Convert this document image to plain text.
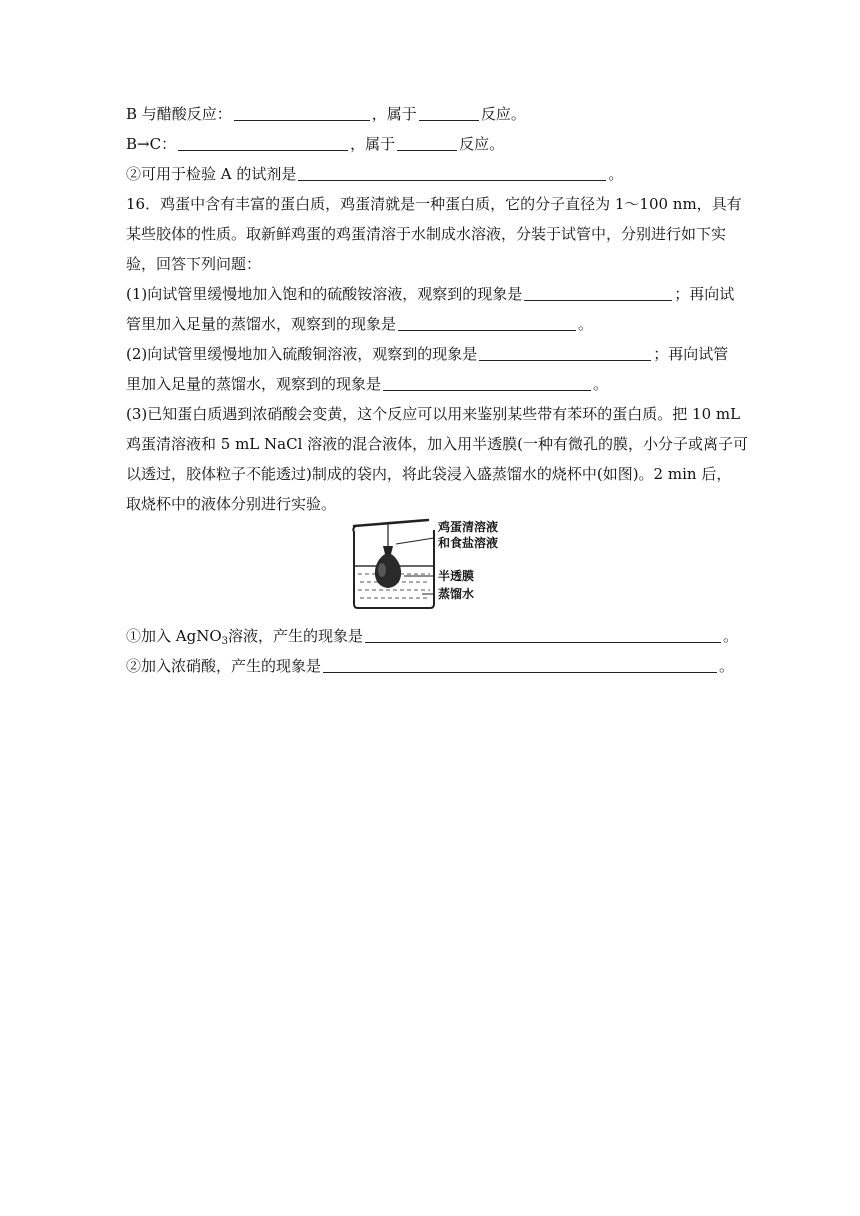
B 与醋酸反应：	，属于	反应。
B→C：	，属于	反应。
②可用于检验 A 的试剂是	。
16．鸡蛋中含有丰富的蛋白质，鸡蛋清就是一种蛋白质，它的分子直径为 1～100 nm，具有
某些胶体的性质。取新鲜鸡蛋的鸡蛋清溶于水制成水溶液，分装于试管中，分别进行如下实
验，回答下列问题：
(1)向试管里缓慢地加入饱和的硫酸铵溶液，观察到的现象是	；再向试
管里加入足量的蒸馏水，观察到的现象是	。
(2)向试管里缓慢地加入硫酸铜溶液，观察到的现象是	；再向试管
里加入足量的蒸馏水，观察到的现象是	。
(3)已知蛋白质遇到浓硝酸会变黄，这个反应可以用来鉴别某些带有苯环的蛋白质。把 10 mL
鸡蛋清溶液和 5 mL NaCl 溶液的混合液体，加入用半透膜(一种有微孔的膜，小分子或离子可
以透过，胶体粒子不能透过)制成的袋内，将此袋浸入盛蒸馏水的烧杯中(如图)。2 min 后，
取烧杯中的液体分别进行实验。
鸡蛋清溶液
和食盐溶液
半透膜
蒸馏水
①加入 AgNO$_3$溶液，产生的现象是	。
②加入浓硝酸，产生的现象是	。
